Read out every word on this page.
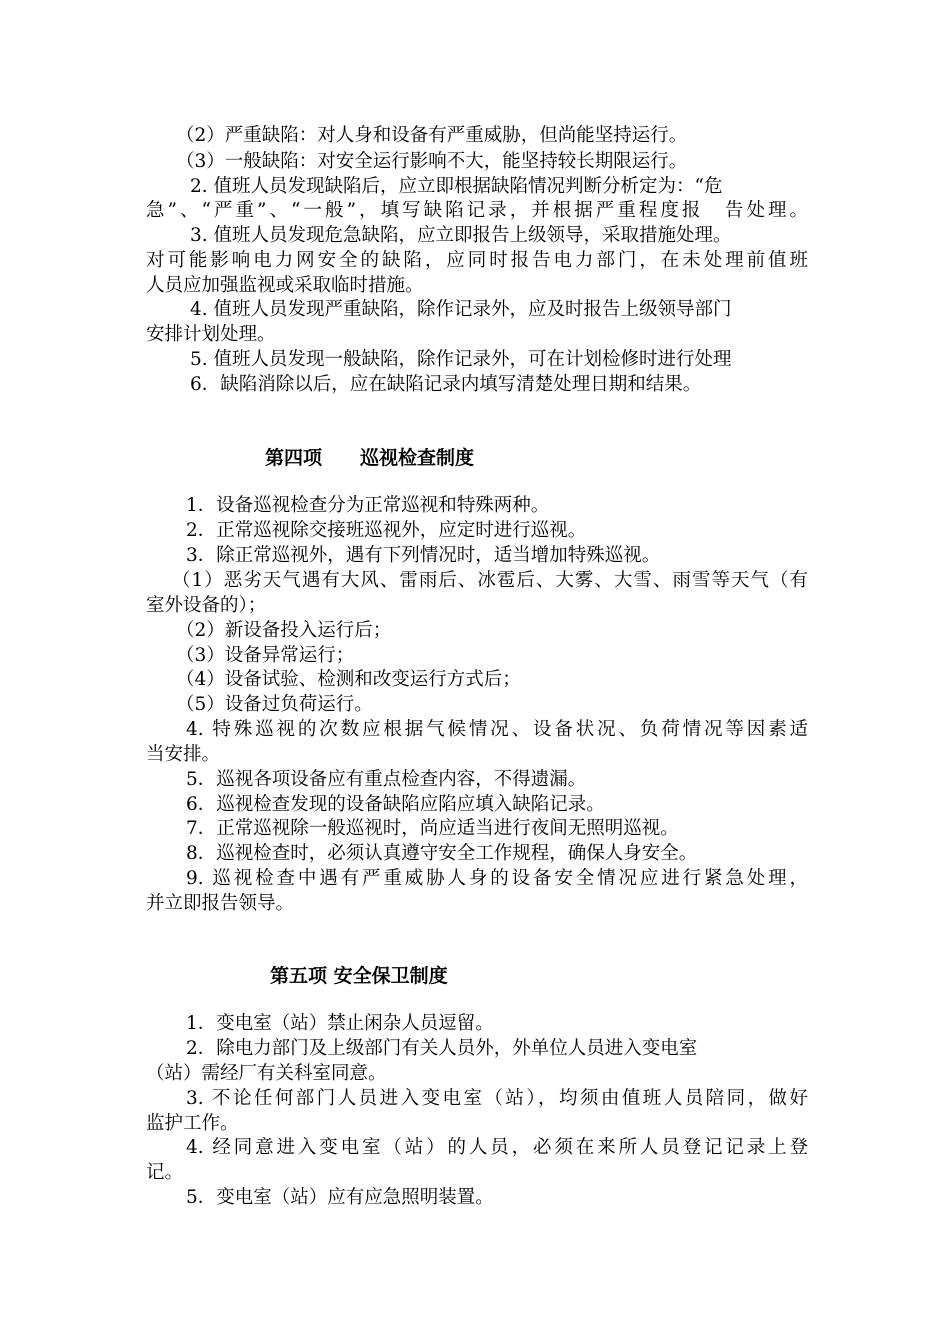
（2）严重缺陷：对人身和设备有严重威胁，但尚能坚持运行。
（3）一般缺陷：对安全运行影响不大，能坚持较长期限运行。
2. 值班人员发现缺陷后，应立即根据缺陷情况判断分析定为：“危
急”、“严重”、“一般”，填写缺陷记录，并根据严重程度报　告处理。
3. 值班人员发现危急缺陷，应立即报告上级领导，采取措施处理。
对可能影响电力网安全的缺陷，应同时报告电力部门，在未处理前值班
人员应加强监视或采取临时措施。
4. 值班人员发现严重缺陷，除作记录外，应及时报告上级领导部门
安排计划处理。
5. 值班人员发现一般缺陷，除作记录外，可在计划检修时进行处理
6．缺陷消除以后，应在缺陷记录内填写清楚处理日期和结果。
第四项　　巡视检查制度
1．设备巡视检查分为正常巡视和特殊两种。
2．正常巡视除交接班巡视外，应定时进行巡视。
3．除正常巡视外，遇有下列情况时，适当增加特殊巡视。
（1）恶劣天气遇有大风、雷雨后、冰雹后、大雾、大雪、雨雪等天气（有
室外设备的）；
（2）新设备投入运行后；
（3）设备异常运行；
（4）设备试验、检测和改变运行方式后；
（5）设备过负荷运行。
4. 特殊巡视的次数应根据气候情况、设备状况、负荷情况等因素适
当安排。
5．巡视各项设备应有重点检查内容，不得遗漏。
6．巡视检查发现的设备缺陷应陷应填入缺陷记录。
7．正常巡视除一般巡视时，尚应适当进行夜间无照明巡视。
8．巡视检查时，必须认真遵守安全工作规程，确保人身安全。
9. 巡视检查中遇有严重威胁人身的设备安全情况应进行紧急处理，
并立即报告领导。
第五项 安全保卫制度
1．变电室（站）禁止闲杂人员逗留。
2．除电力部门及上级部门有关人员外，外单位人员进入变电室
（站）需经厂有关科室同意。
3. 不论任何部门人员进入变电室（站），均须由值班人员陪同，做好
监护工作。
4. 经同意进入变电室（站）的人员，必须在来所人员登记记录上登
记。
5．变电室（站）应有应急照明装置。
